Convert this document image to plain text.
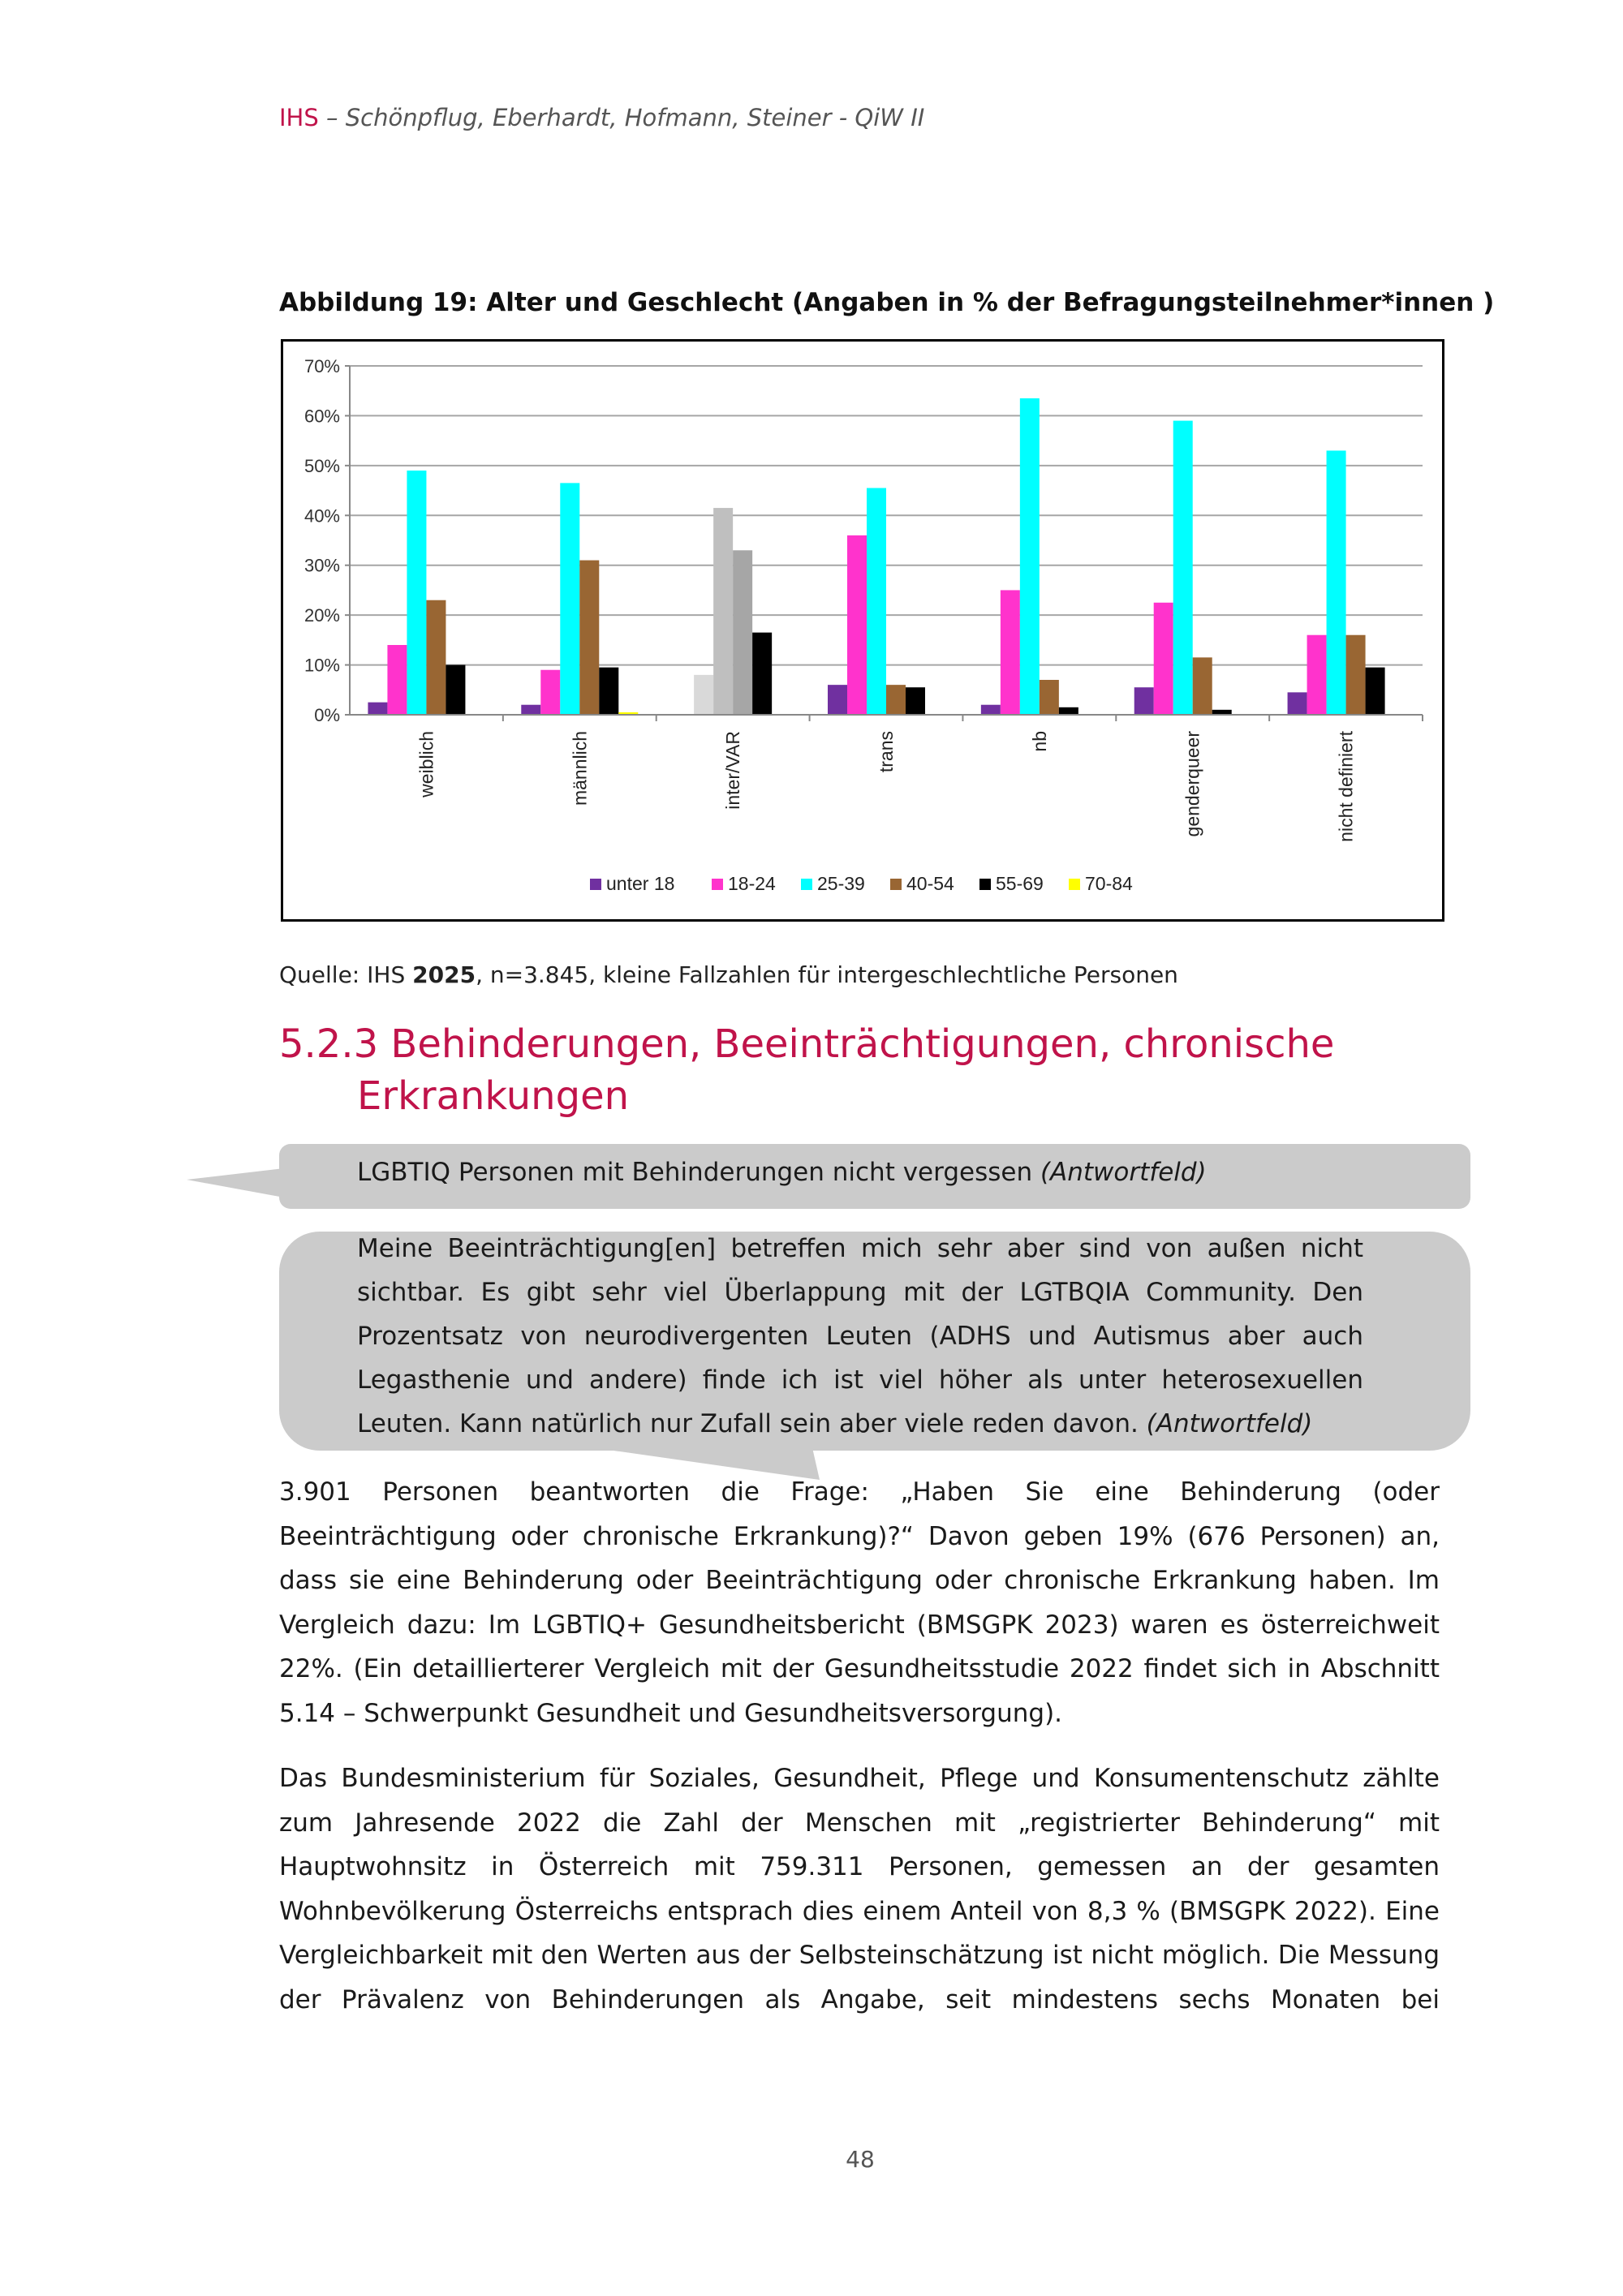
IHS – Schönpflug, Eberhardt, Hofmann, Steiner - QiW II
Abbildung 19: Alter und Geschlecht (Angaben in % der Befragungsteilnehmer*innen )
0%
10%
20%
30%
40%
50%
60%
70%
weiblich	männlich	inter/VAR	trans	nb	genderqueer	nicht definiert
unter 18	18-24 25-39 40-54 55-69 70-84
Quelle: IHS 2025, n=3.845, kleine Fallzahlen für intergeschlechtliche Personen
5.2.3 Behinderungen, Beeinträchtigungen, chronische
Erkrankungen
LGBTIQ Personen mit Behinderungen nicht vergessen (Antwortfeld)
Meine Beeinträchtigung[en] betreffen mich sehr aber sind von außen nicht sichtbar. Es gibt sehr viel Überlappung mit der LGTBQIA Community. Den Prozentsatz von neurodivergenten Leuten (ADHS und Autismus aber auch Legasthenie und andere) finde ich ist viel höher als unter heterosexuellen Leuten. Kann natürlich nur Zufall sein aber viele reden davon. (Antwortfeld)
3.901 Personen beantworten die Frage: „Haben Sie eine Behinderung (oder Beeinträchtigung oder chronische Erkrankung)?“ Davon geben 19% (676 Personen) an, dass sie eine Behinderung oder Beeinträchtigung oder chronische Erkrankung haben. Im Vergleich dazu: Im LGBTIQ+ Gesundheitsbericht (BMSGPK 2023) waren es österreichweit 22%. (Ein detaillierterer Vergleich mit der Gesundheitsstudie 2022 findet sich in Abschnitt 5.14 – Schwerpunkt Gesundheit und Gesundheitsversorgung).
Das Bundesministerium für Soziales, Gesundheit, Pflege und Konsumentenschutz zählte zum Jahresende 2022 die Zahl der Menschen mit „registrierter Behinderung“ mit Hauptwohnsitz in Österreich mit 759.311 Personen, gemessen an der gesamten Wohnbevölkerung Österreichs entsprach dies einem Anteil von 8,3 % (BMSGPK 2022). Eine Vergleichbarkeit mit den Werten aus der Selbsteinschätzung ist nicht möglich. Die Messung der Prävalenz von Behinderungen als Angabe, seit mindestens sechs Monaten bei
48
